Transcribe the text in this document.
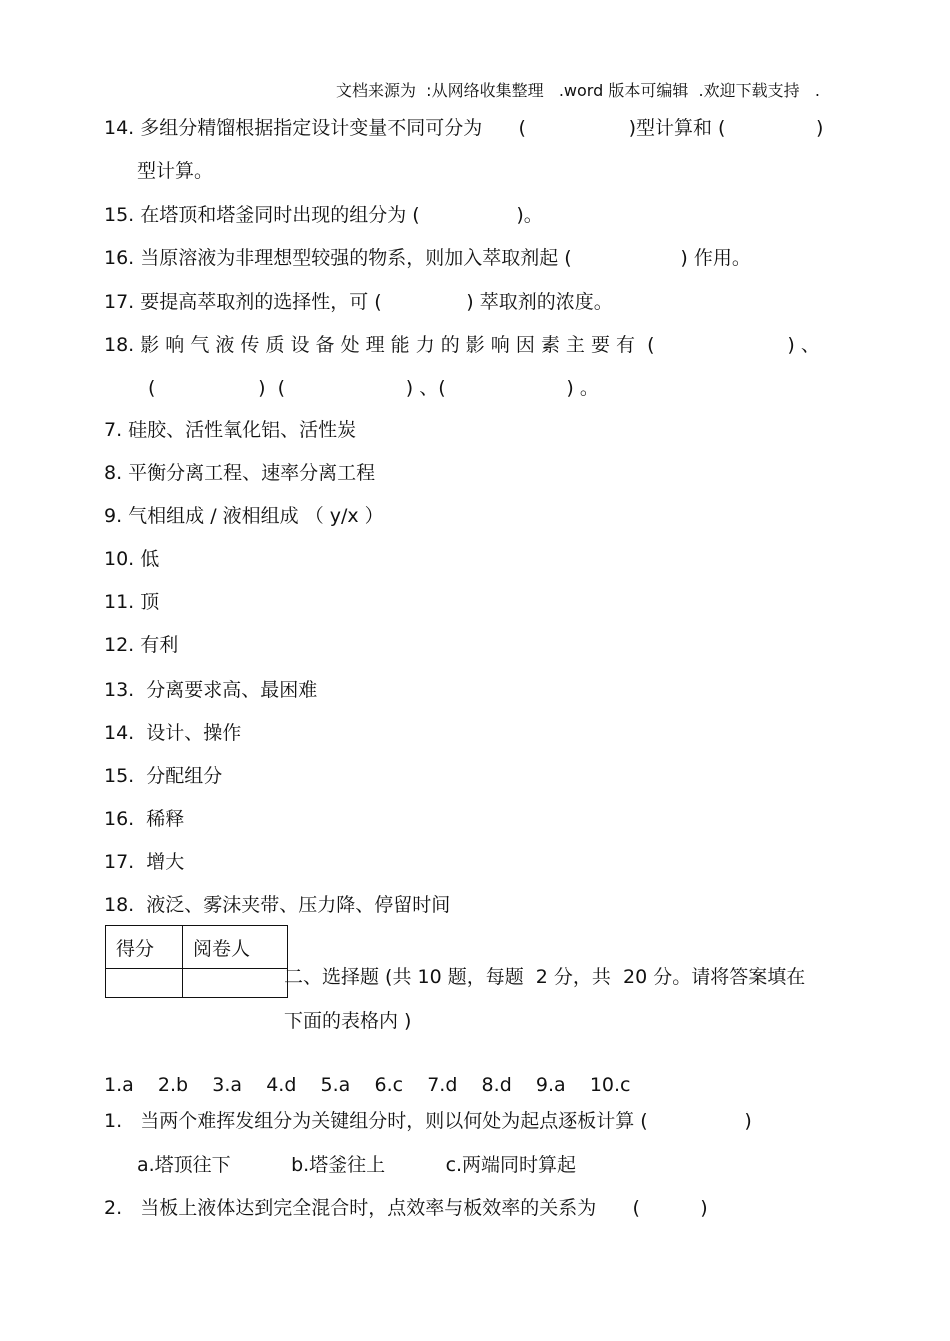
文档来源为  :从网络收集整理   .word 版本可编辑  .欢迎下载支持   .
14. 多组分精馏根据指定设计变量不同可分为      (                 )型计算和 (               )
型计算。
15. 在塔顶和塔釜同时出现的组分为 (                )。
16. 当原溶液为非理想型较强的物系，则加入萃取剂起 (                  ) 作用。
17. 要提高萃取剂的选择性，可 (              ) 萃取剂的浓度。
18. 影 响 气 液 传 质 设 备 处 理 能 力 的 影 响 因 素 主 要 有  (                      ) 、
(                 )  (                    ) 、(                    ) 。
7. 硅胶、活性氧化铝、活性炭
8. 平衡分离工程、速率分离工程
9. 气相组成 / 液相组成 （ y/x ）
10. 低
11. 顶
12. 有利
13.  分离要求高、最困难
14.  设计、操作
15.  分配组分
16.  稀释
17.  增大
18.  液泛、雾沫夹带、压力降、停留时间
得分	阅卷人

二、选择题 (共 10 题，每题  2 分，共  20 分。请将答案填在
下面的表格内 )
1.a    2.b    3.a    4.d    5.a    6.c    7.d    8.d    9.a    10.c
1.   当两个难挥发组分为关键组分时，则以何处为起点逐板计算 (                )
a.塔顶往下          b.塔釜往上          c.两端同时算起
2.   当板上液体达到完全混合时，点效率与板效率的关系为      (          )
